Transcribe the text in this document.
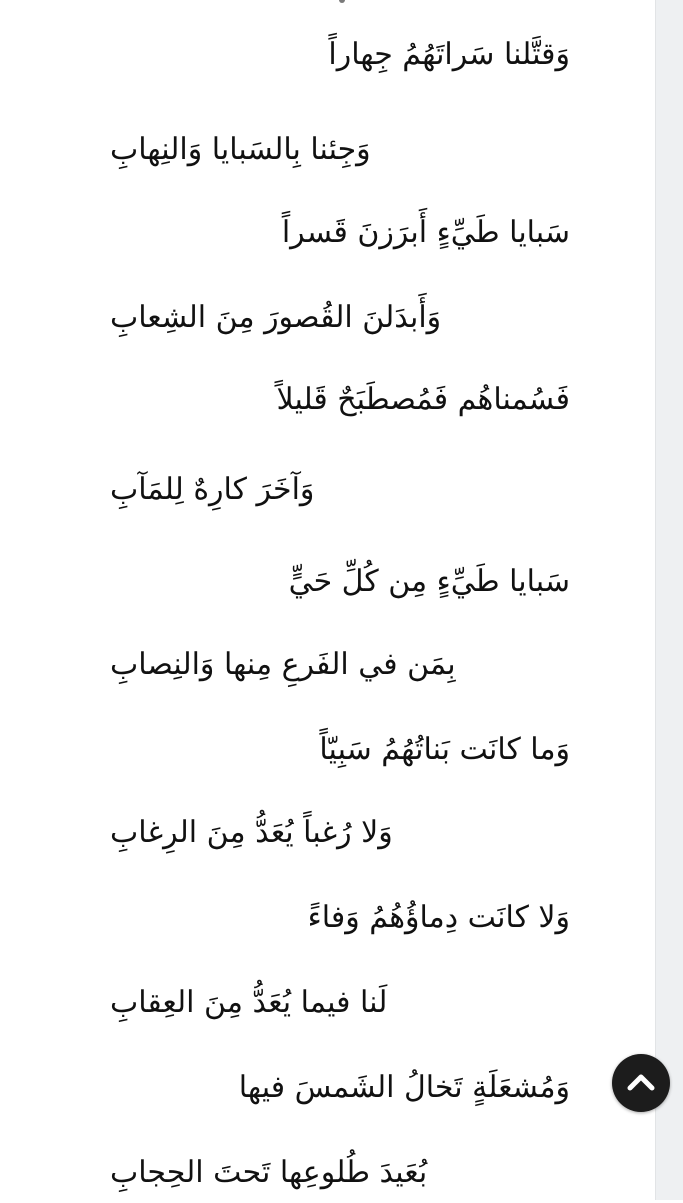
وَقتَّلنا سَراتَهُمُ جِهاراً
وَجِئنا بِالسَبايا وَالنِهابِ
سَبايا طَيِّءٍ أَبرَزنَ قَسراً
وَأَبدَلنَ القُصورَ مِنَ الشِعابِ
فَسُمناهُم فَمُصطَبَحٌ قَليلاً
وَآخَرَ كارِهٌ لِلمَآبِ
سَبايا طَيِّءٍ مِن كُلِّ حَيٍّ
بِمَن في الفَرعِ مِنها وَالنِصابِ
وَما كانَت بَناتُهُمُ سَبِيّاً
وَلا رُغباً يُعَدُّ مِنَ الرِغابِ
وَلا كانَت دِماؤُهُمُ وَفاءً
لَنا فيما يُعَدُّ مِنَ العِقابِ
وَمُشعَلَةٍ تَخالُ الشَمسَ فيها
بُعَيدَ طُلوعِها تَحتَ الحِجابِ
